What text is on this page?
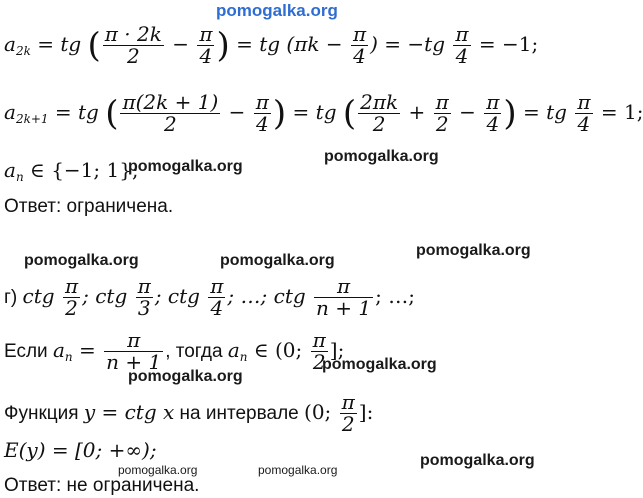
pomogalka.org
pomogalka.org
pomogalka.org
pomogalka.org	pomogalka.org
pomogalka.org
pomogalka.org
pomogalka.org
pomogalka.org	pomogalka.org
pomogalka.org
$a_{2k}$ = tg ( $\frac{\pi \cdot 2k}{2} - \frac{\pi}{4}$ ) = tg ($\pi k - \frac{\pi}{4}$ ) = $-tg \frac{\pi}{4} = -1$;
$a_{2k+1}$ = tg ( $\frac{\pi(2k + 1)}{2} - \frac{\pi}{4}$ ) = tg ( $\frac{2\pi k}{2} + \frac{\pi}{2} - \frac{\pi}{4}$ ) = tg $\frac{\pi}{4} = 1$;
$a_n$ ∈ {−1; 1};
Ответ: ограничена.
г) ctg $\frac{\pi}{2}$ ; ctg $\frac{\pi}{3}$ ; ctg $\frac{\pi}{4}$ ; …; ctg $\frac{\pi}{n + 1}$ ; …;
Если $a_n = \frac{\pi}{n + 1}$ , тогда $a_n$ ∈ (0; $\frac{\pi}{2}$ ];
Функция y = ctg x на интервале (0; $\frac{\pi}{2}$ ]:
E(y) = [0; +∞);
Ответ: не ограничена.
